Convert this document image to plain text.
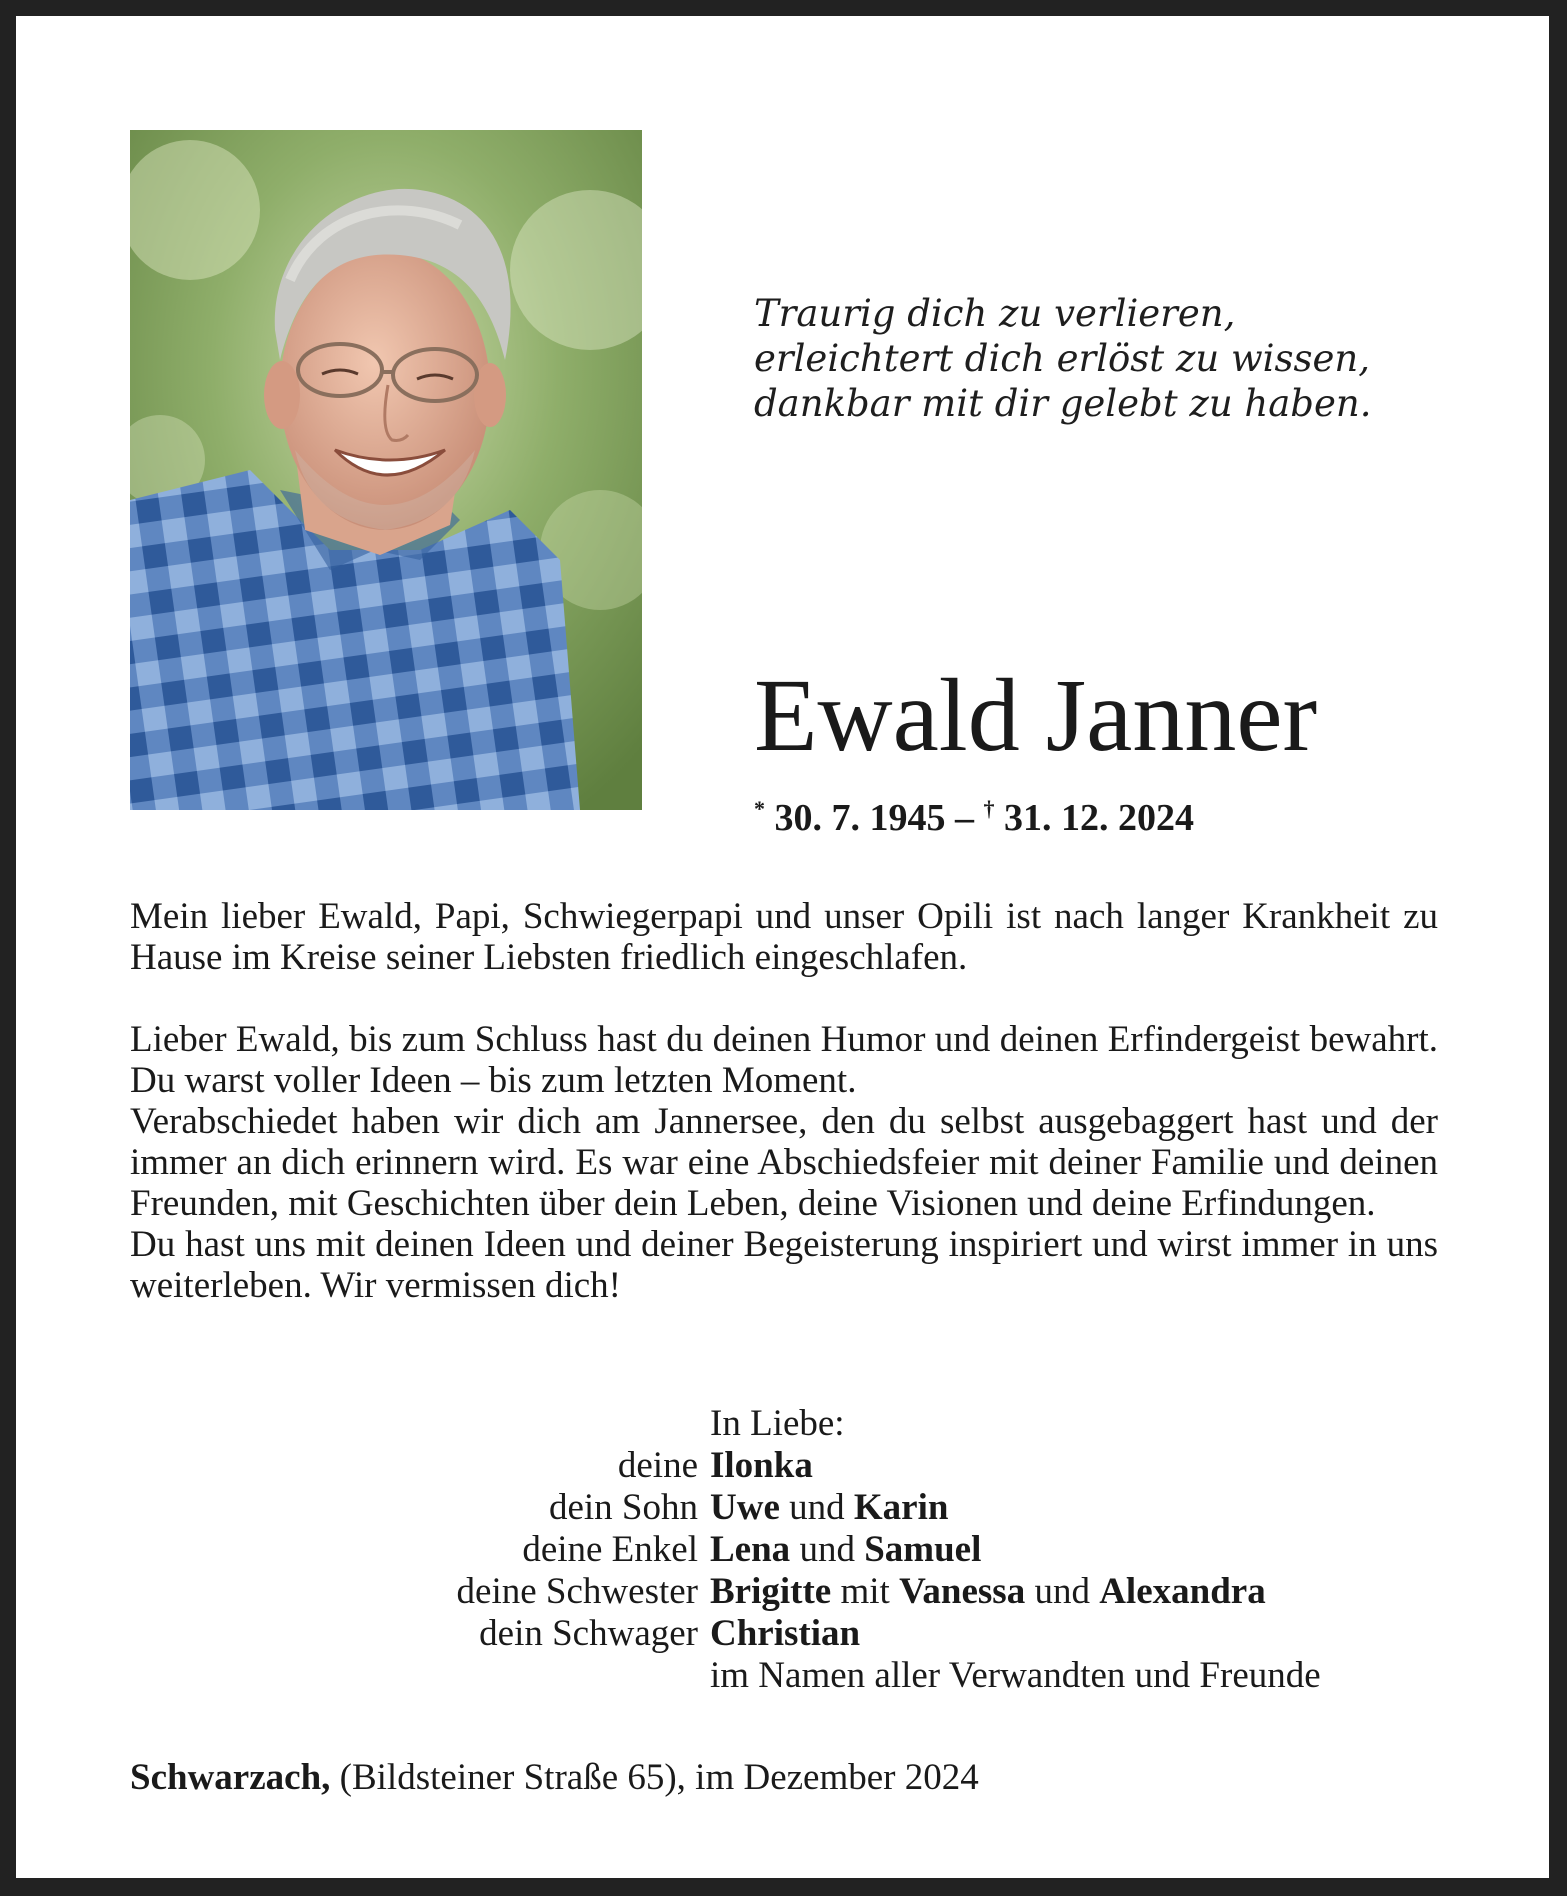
Traurig dich zu verlieren,
erleichtert dich erlöst zu wissen,
dankbar mit dir gelebt zu haben.
Ewald Janner
* 30. 7. 1945 – † 31. 12. 2024

Mein lieber Ewald, Papi, Schwiegerpapi und unser Opili ist nach langer Krankheit zu Hause im Kreise seiner Liebsten friedlich eingeschlafen.

Lieber Ewald, bis zum Schluss hast du deinen Humor und deinen Erfindergeist bewahrt. Du warst voller Ideen – bis zum letzten Moment.

Verabschiedet haben wir dich am Jannersee, den du selbst ausgebaggert hast und der immer an dich erinnern wird. Es war eine Abschiedsfeier mit deiner Familie und deinen Freunden, mit Geschichten über dein Leben, deine Visionen und deine Erfindungen.

Du hast uns mit deinen Ideen und deiner Begeisterung inspiriert und wirst immer in uns weiterleben. Wir vermissen dich!

In Liebe:
deine Ilonka
dein Sohn Uwe und Karin
deine Enkel Lena und Samuel
deine Schwester Brigitte mit Vanessa und Alexandra
dein Schwager Christian
im Namen aller Verwandten und Freunde
Schwarzach, (Bildsteiner Straße 65), im Dezember 2024
